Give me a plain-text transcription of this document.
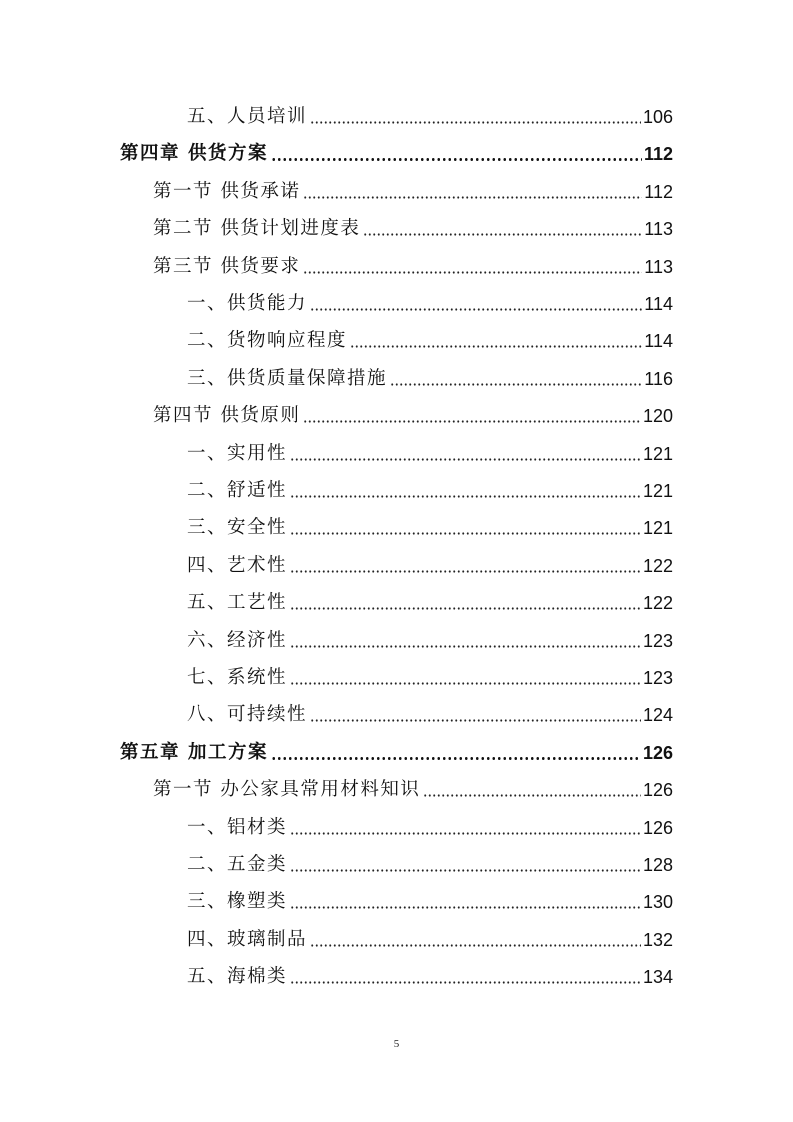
五、人员培训	106
第四章 供货方案	112
第一节 供货承诺	112
第二节 供货计划进度表	113
第三节 供货要求	113
一、供货能力	114
二、货物响应程度	114
三、供货质量保障措施	116
第四节 供货原则	120
一、实用性	121
二、舒适性	121
三、安全性	121
四、艺术性	122
五、工艺性	122
六、经济性	123
七、系统性	123
八、可持续性	124
第五章 加工方案	126
第一节 办公家具常用材料知识	126
一、铝材类	126
二、五金类	128
三、橡塑类	130
四、玻璃制品	132
五、海棉类	134
5
